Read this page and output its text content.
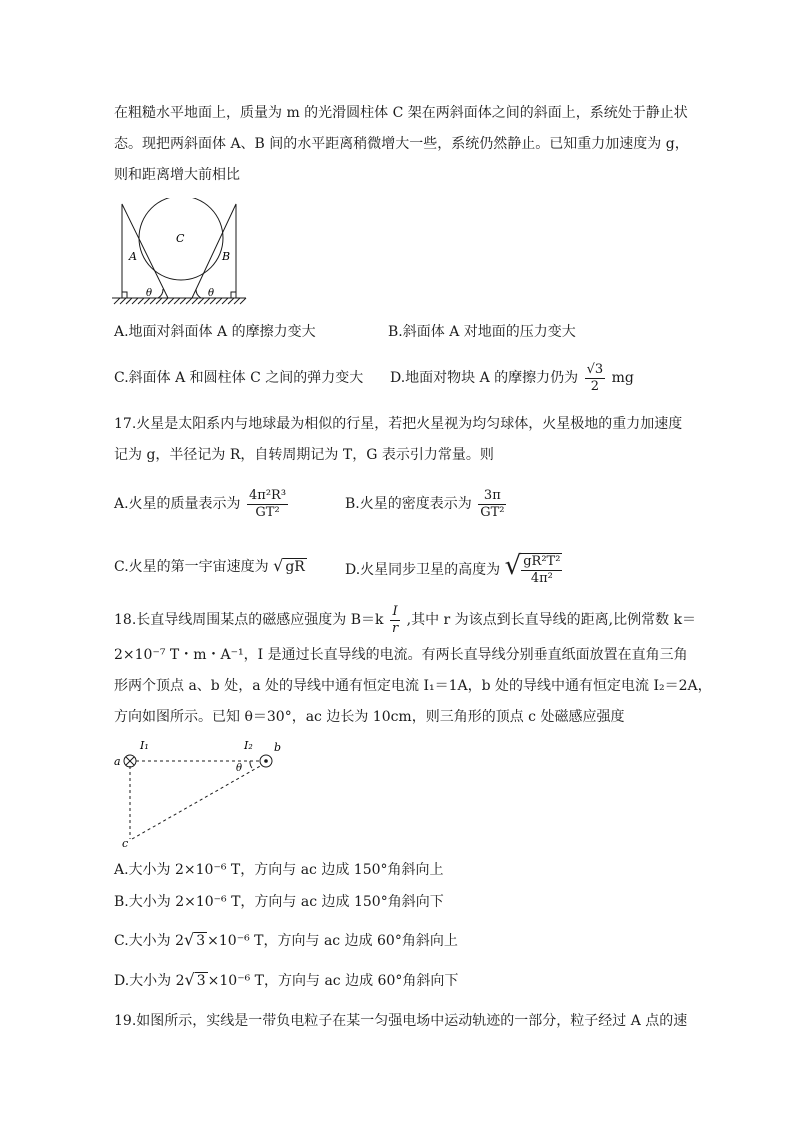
在粗糙水平地面上，质量为 m 的光滑圆柱体 C 架在两斜面体之间的斜面上，系统处于静止状
态。现把两斜面体 A、B 间的水平距离稍微增大一些，系统仍然静止。已知重力加速度为 g，
则和距离增大前相比
C
A	B
θ	θ
A.地面对斜面体 A 的摩擦力变大	B.斜面体 A 对地面的压力变大
C.斜面体 A 和圆柱体 C 之间的弹力变大 D.地面对物块 A 的摩擦力仍为 $\frac{√3}{2}$ mg
17.火星是太阳系内与地球最为相似的行星，若把火星视为均匀球体，火星极地的重力加速度
记为 g，半径记为 R，自转周期记为 T，G 表示引力常量。则
A.火星的质量表示为 $\frac{\text{4π²R³}}{\text{GT²}}$	B.火星的密度表示为 $\frac{3\pi}{\text{GT²}}$
C.火星的第一宇宙速度为 √ gR	D.火星同步卫星的高度为 √ $\frac{\text{gR²T²}}{\text{4π²}}$
18.长直导线周围某点的磁感应强度为 $B=k \frac{I}{r}$ ,其中 r 为该点到长直导线的距离,比例常数 k＝
2×10⁻⁷ T・m・A⁻¹，I 是通过长直导线的电流。有两长直导线分别垂直纸面放置在直角三角
形两个顶点 a、b 处，a 处的导线中通有恒定电流 I₁＝1A，b 处的导线中通有恒定电流 I₂＝2A，
方向如图所示。已知 θ＝30°，ac 边长为 10cm，则三角形的顶点 c 处磁感应强度
a
b
c
I₁	I₂
θ
A.大小为 2×10⁻⁶ T，方向与 ac 边成 150°角斜向上
B.大小为 2×10⁻⁶ T，方向与 ac 边成 150°角斜向下
C.大小为 2√ 3 ×10⁻⁶ T，方向与 ac 边成 60°角斜向上
D.大小为 2√ 3 ×10⁻⁶ T，方向与 ac 边成 60°角斜向下
19.如图所示，实线是一带负电粒子在某一匀强电场中运动轨迹的一部分，粒子经过 A 点的速
